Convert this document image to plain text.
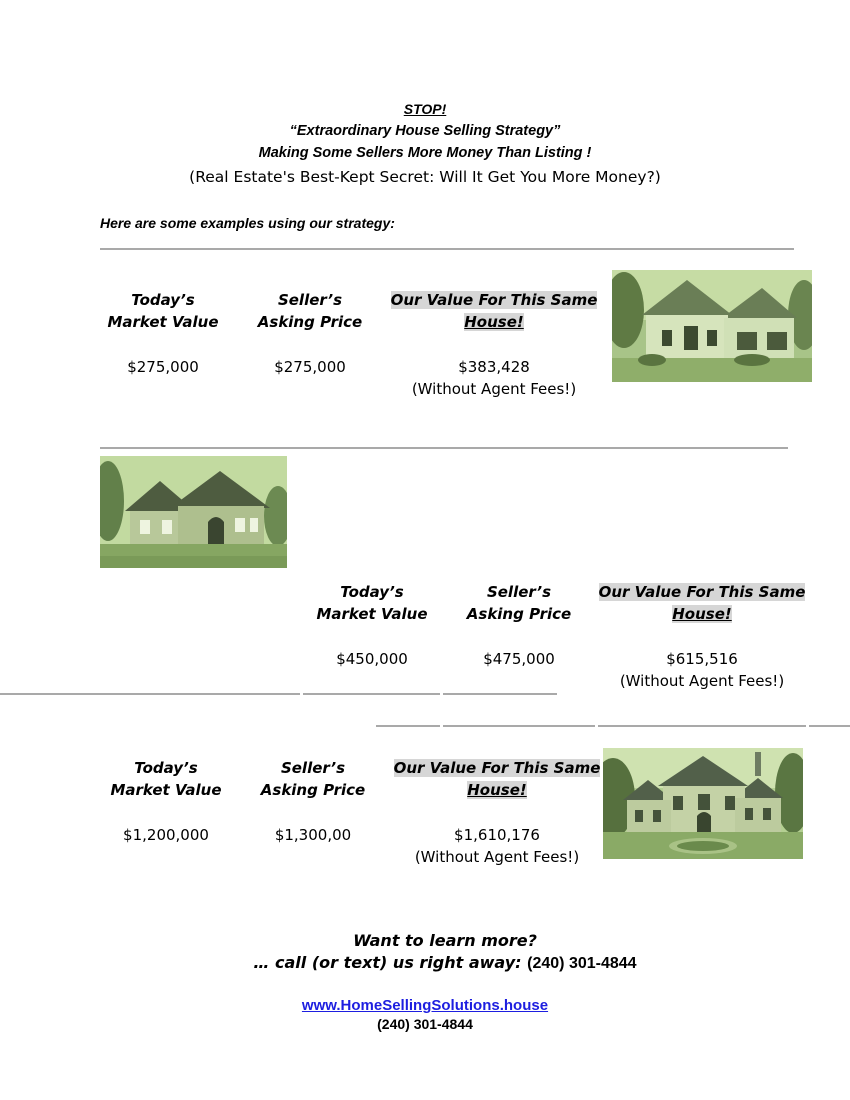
STOP!
“Extraordinary House Selling Strategy”
Making Some Sellers More Money Than Listing !
(Real Estate's Best-Kept Secret: Will It Get You More Money?)
Here are some examples using our strategy:
Today’s
Market Value
Seller’s
Asking Price
Our Value For This Same
House!
$275,000	$275,000	$383,428
(Without Agent Fees!)
Today’s
Market Value
Seller’s
Asking Price
Our Value For This Same
House!
$450,000	$475,000	$615,516
(Without Agent Fees!)
Today’s
Market Value
Seller’s
Asking Price
Our Value For This Same
House!
$1,200,000	$1,300,00	$1,610,176
(Without Agent Fees!)
Want to learn more?
… call (or text) us right away: (240) 301-4844
www.HomeSellingSolutions.house
(240) 301-4844
